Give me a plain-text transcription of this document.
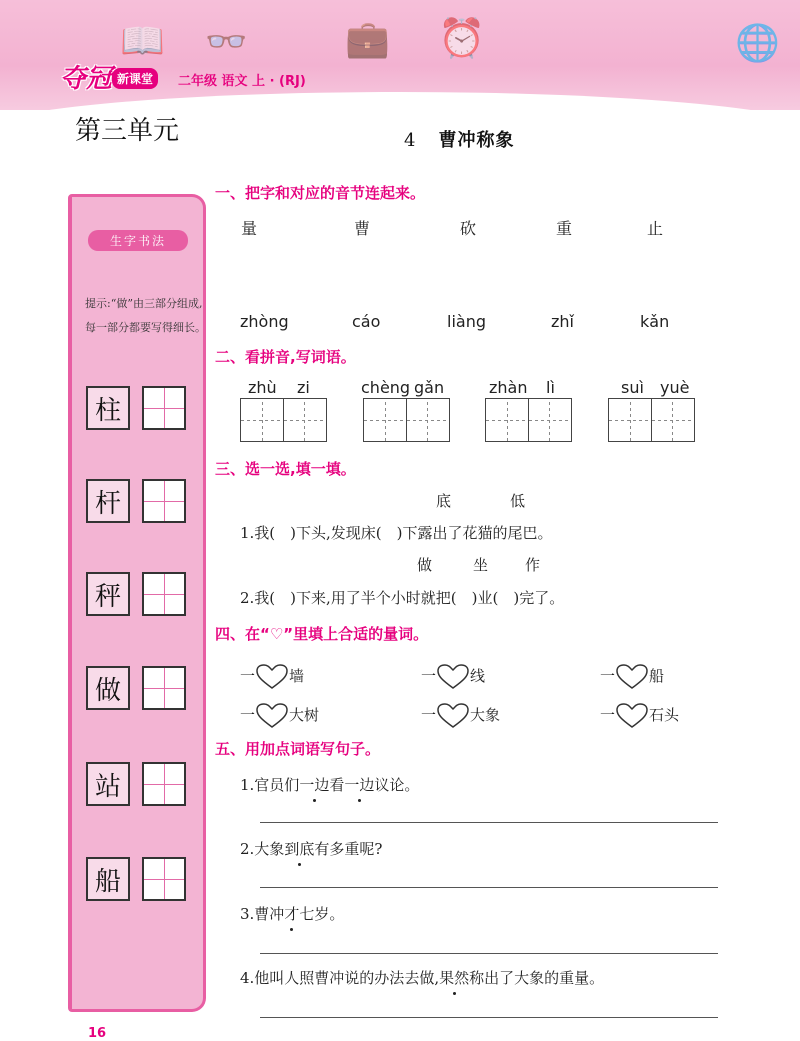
📖 👓	💼 ⏰	🌐
夺冠 新课堂	二年级 语文 上 · (RJ)
第三单元	4 曹冲称象
生字书法
提示:“做”由三部分组成,每一部分都要写得细长。
柱
杆
秤
做
站
船
一、把字和对应的音节连起来。
量	曹	砍	重	止
zhòng	cáo	liàng	zhǐ	kǎn
二、看拼音,写词语。
zhù zi	chèng gǎn	zhàn lì	suì yuè
三、选一选,填一填。
底	低
1.我(　)下头,发现床(　)下露出了花猫的尾巴。
做	坐 作
2.我(　)下来,用了半个小时就把(　)业(　)完了。
四、在“♡”里填上合适的量词。
一 墙	一 线	一 船
一 大树	一 大象	一 石头
五、用加点词语写句子。
1.官员们一边看一边议论。
2.大象到底有多重呢?
3.曹冲才七岁。
4.他叫人照曹冲说的办法去做,果然称出了大象的重量。
16
